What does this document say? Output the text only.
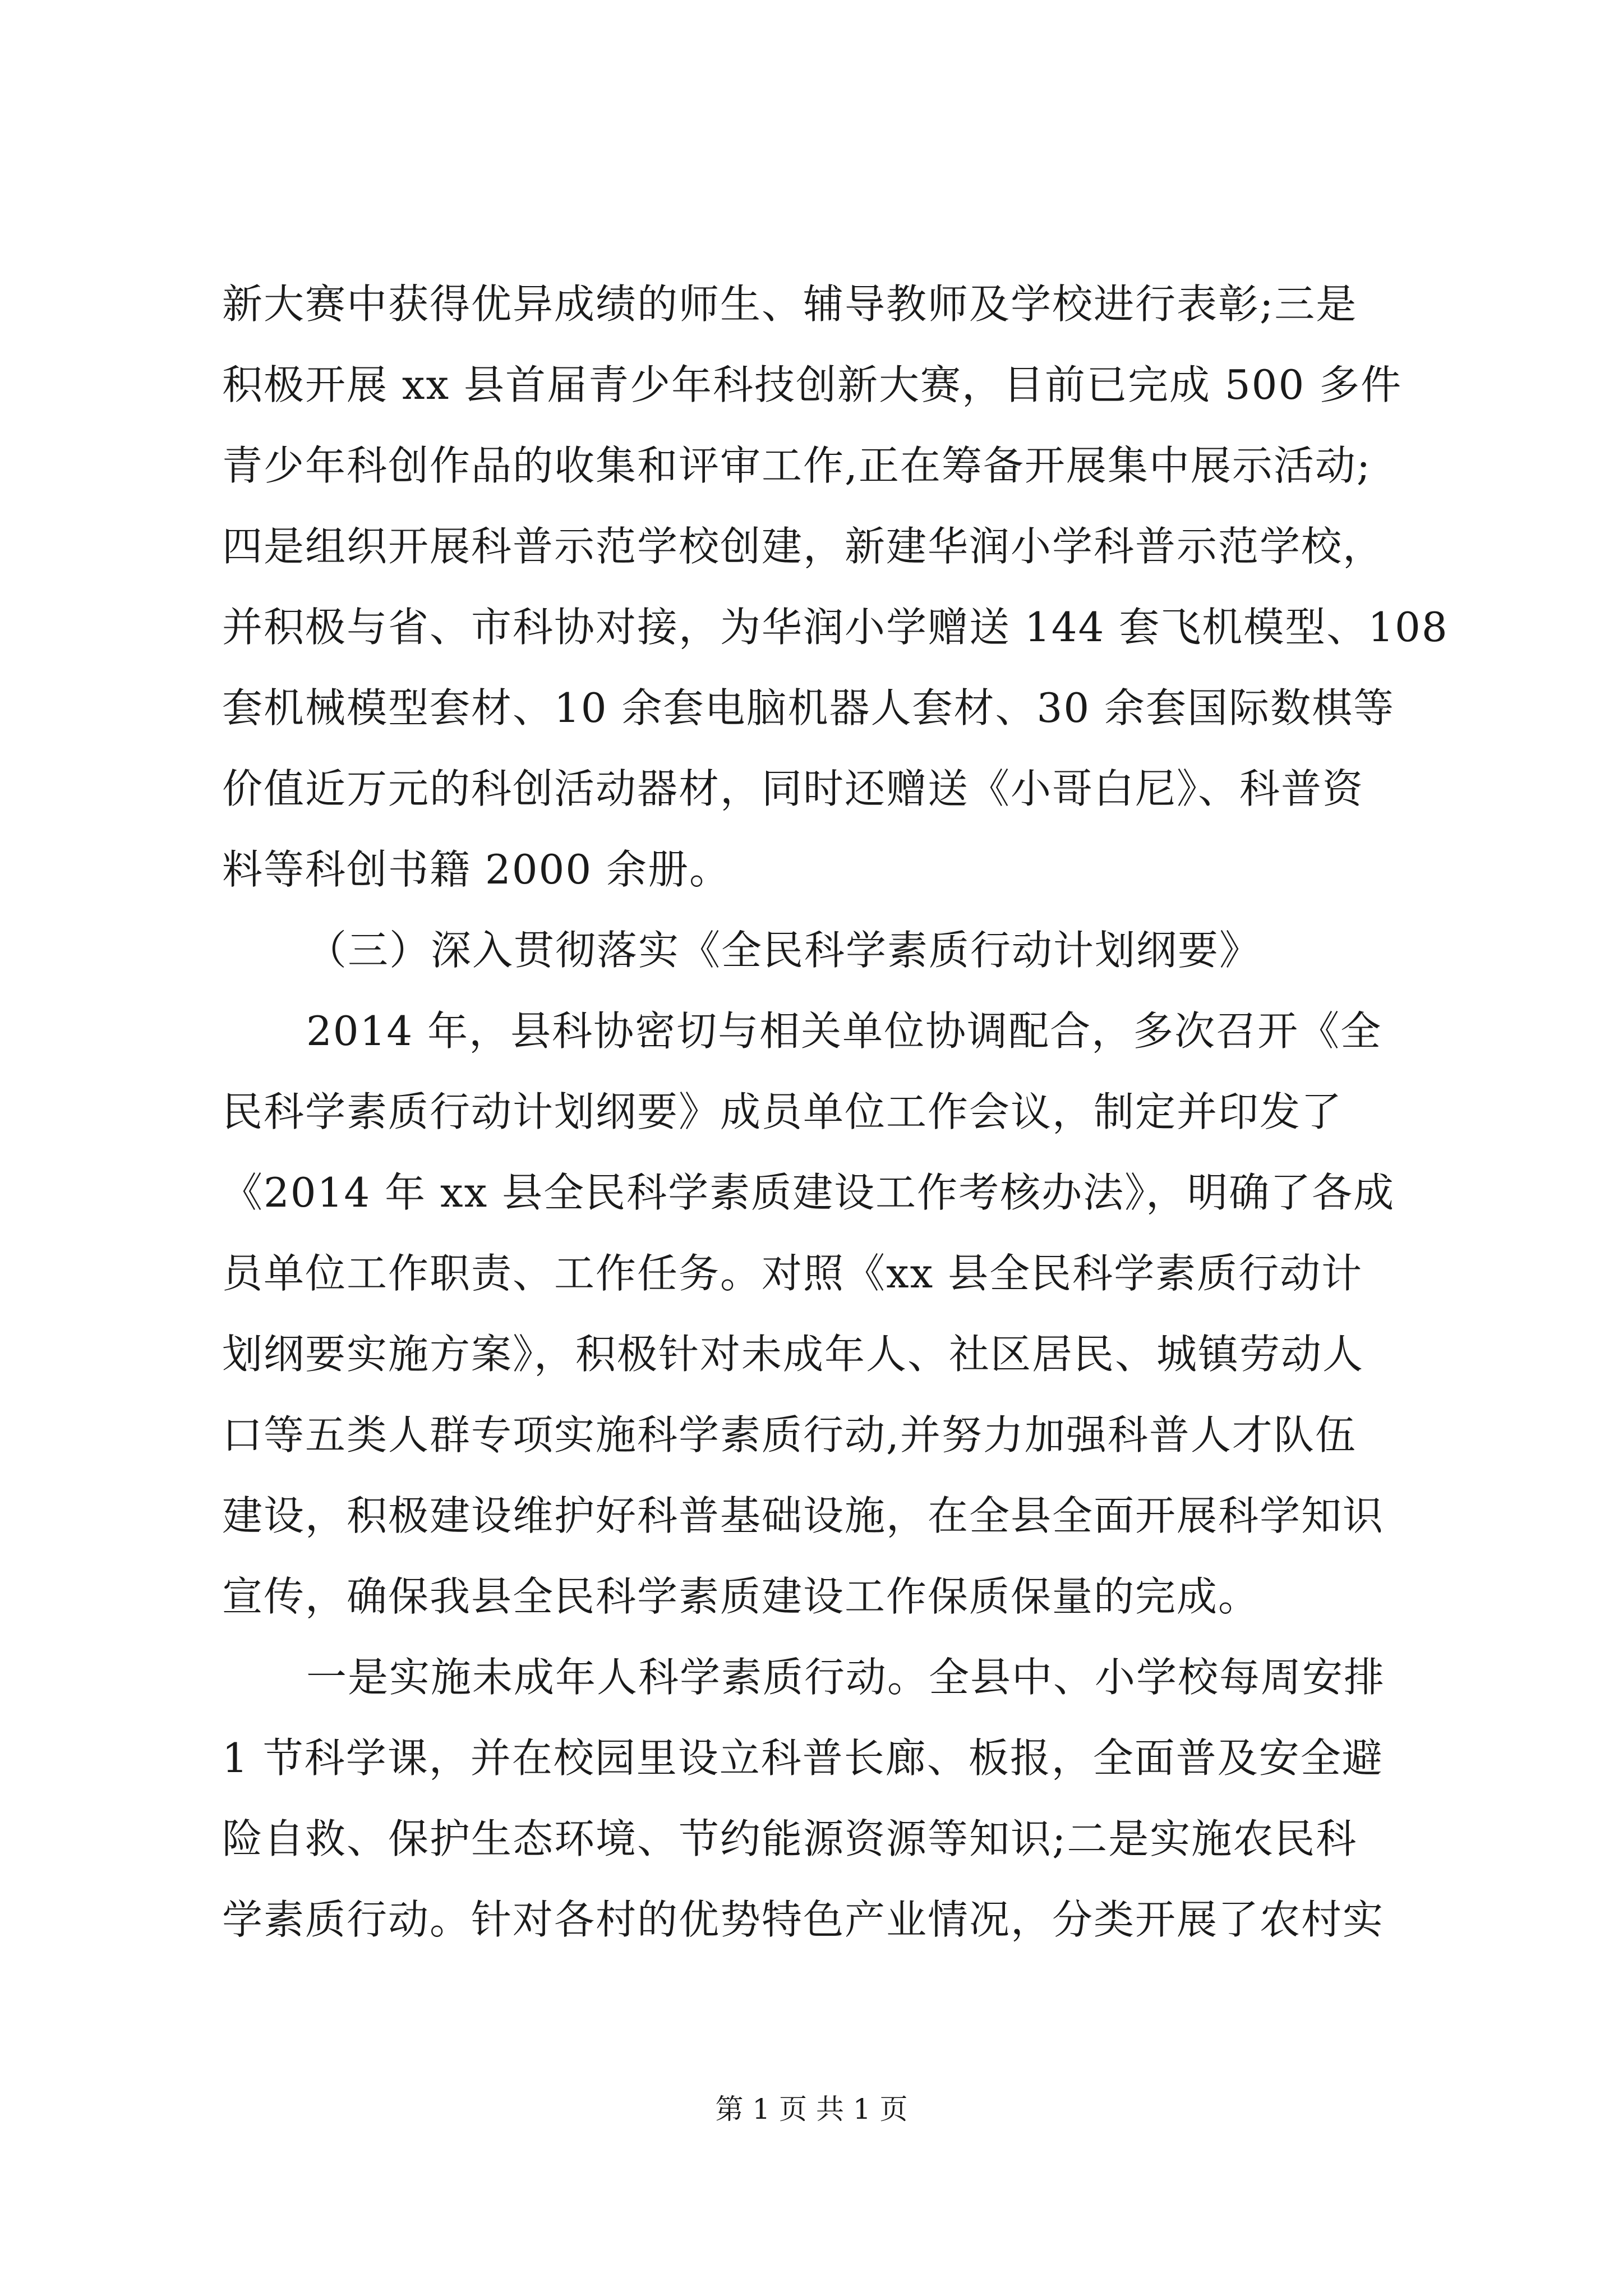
新大赛中获得优异成绩的师生、辅导教师及学校进行表彰;三是
积极开展 xx 县首届青少年科技创新大赛，目前已完成 500 多件
青少年科创作品的收集和评审工作,正在筹备开展集中展示活动;
四是组织开展科普示范学校创建，新建华润小学科普示范学校，
并积极与省、市科协对接，为华润小学赠送 144 套飞机模型、108
套机械模型套材、10 余套电脑机器人套材、30 余套国际数棋等
价值近万元的科创活动器材，同时还赠送《小哥白尼》、科普资
料等科创书籍 2000 余册。
（三）深入贯彻落实《全民科学素质行动计划纲要》
2014 年，县科协密切与相关单位协调配合，多次召开《全
民科学素质行动计划纲要》成员单位工作会议，制定并印发了
《2014 年 xx 县全民科学素质建设工作考核办法》，明确了各成
员单位工作职责、工作任务。对照《xx 县全民科学素质行动计
划纲要实施方案》，积极针对未成年人、社区居民、城镇劳动人
口等五类人群专项实施科学素质行动,并努力加强科普人才队伍
建设，积极建设维护好科普基础设施，在全县全面开展科学知识
宣传，确保我县全民科学素质建设工作保质保量的完成。
一是实施未成年人科学素质行动。全县中、小学校每周安排
1 节科学课，并在校园里设立科普长廊、板报，全面普及安全避
险自救、保护生态环境、节约能源资源等知识;二是实施农民科
学素质行动。针对各村的优势特色产业情况，分类开展了农村实
第 1 页 共 1 页
